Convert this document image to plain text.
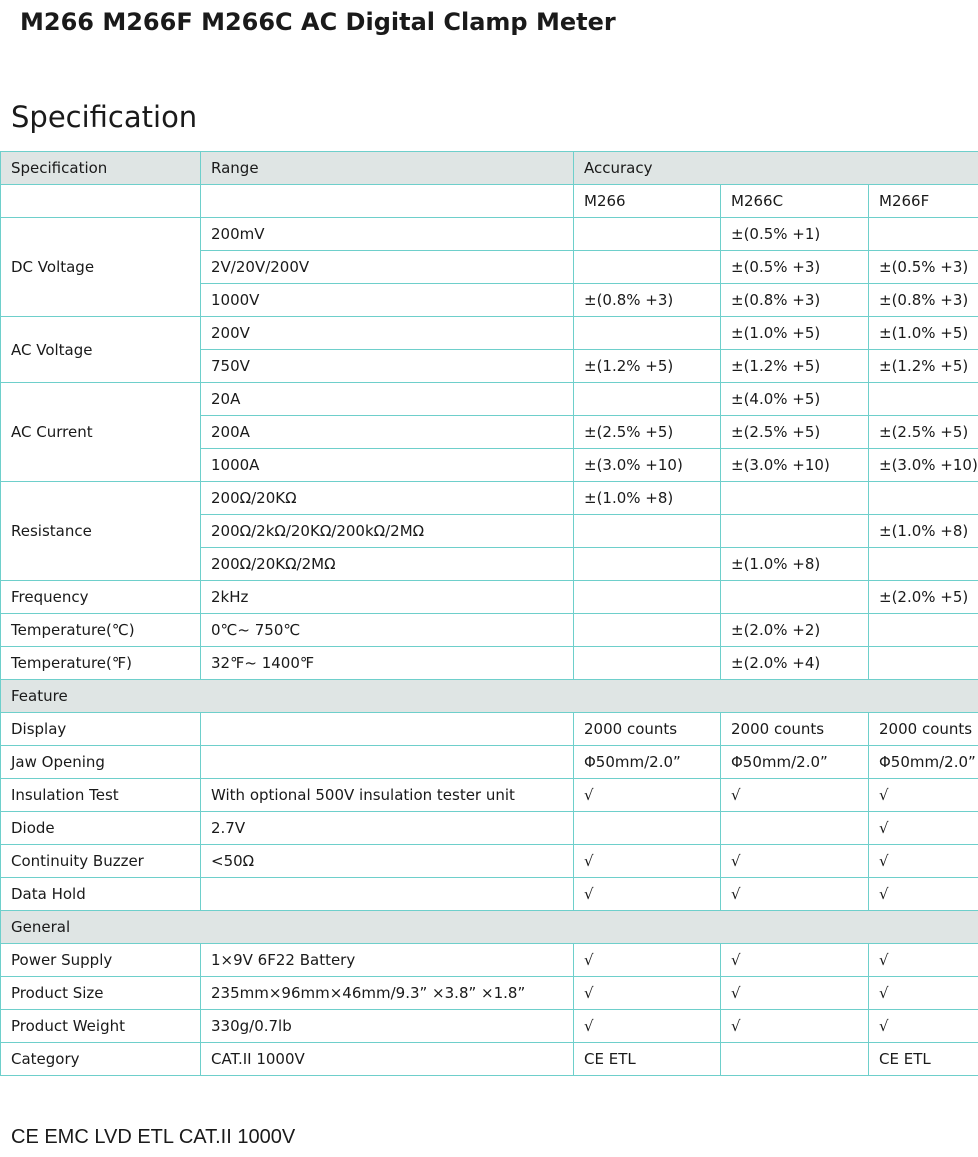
M266 M266F M266C AC Digital Clamp Meter
Specification
Specification	Range	Accuracy		
		M266	M266C	M266F
DC Voltage	200mV		±(0.5% +1)	
	2V/20V/200V		±(0.5% +3)	±(0.5% +3)
	1000V	±(0.8% +3)	±(0.8% +3)	±(0.8% +3)
AC Voltage	200V		±(1.0% +5)	±(1.0% +5)
	750V	±(1.2% +5)	±(1.2% +5)	±(1.2% +5)
AC Current	20A		±(4.0% +5)	
	200A	±(2.5% +5)	±(2.5% +5)	±(2.5% +5)
	1000A	±(3.0% +10)	±(3.0% +10)	±(3.0% +10)
Resistance	200Ω/20KΩ	±(1.0% +8)		
	200Ω/2kΩ/20KΩ/200kΩ/2MΩ			±(1.0% +8)
	200Ω/20KΩ/2MΩ		±(1.0% +8)	
Frequency	2kHz			±(2.0% +5)
Temperature(℃)	0℃~ 750℃		±(2.0% +2)	
Temperature(℉)	32℉~ 1400℉		±(2.0% +4)	
Feature				
Display		2000 counts	2000 counts	2000 counts
Jaw Opening		Φ50mm/2.0”	Φ50mm/2.0”	Φ50mm/2.0”
Insulation Test	With optional 500V insulation tester unit	√	√	√
Diode	2.7V			√
Continuity Buzzer	<50Ω	√	√	√
Data Hold		√	√	√
General				
Power Supply	1×9V 6F22 Battery	√	√	√
Product Size	235mm×96mm×46mm/9.3” ×3.8” ×1.8”	√	√	√
Product Weight	330g/0.7lb	√	√	√
Category	CAT.II 1000V	CE ETL		CE ETL
CE EMC LVD ETL CAT.II 1000V
